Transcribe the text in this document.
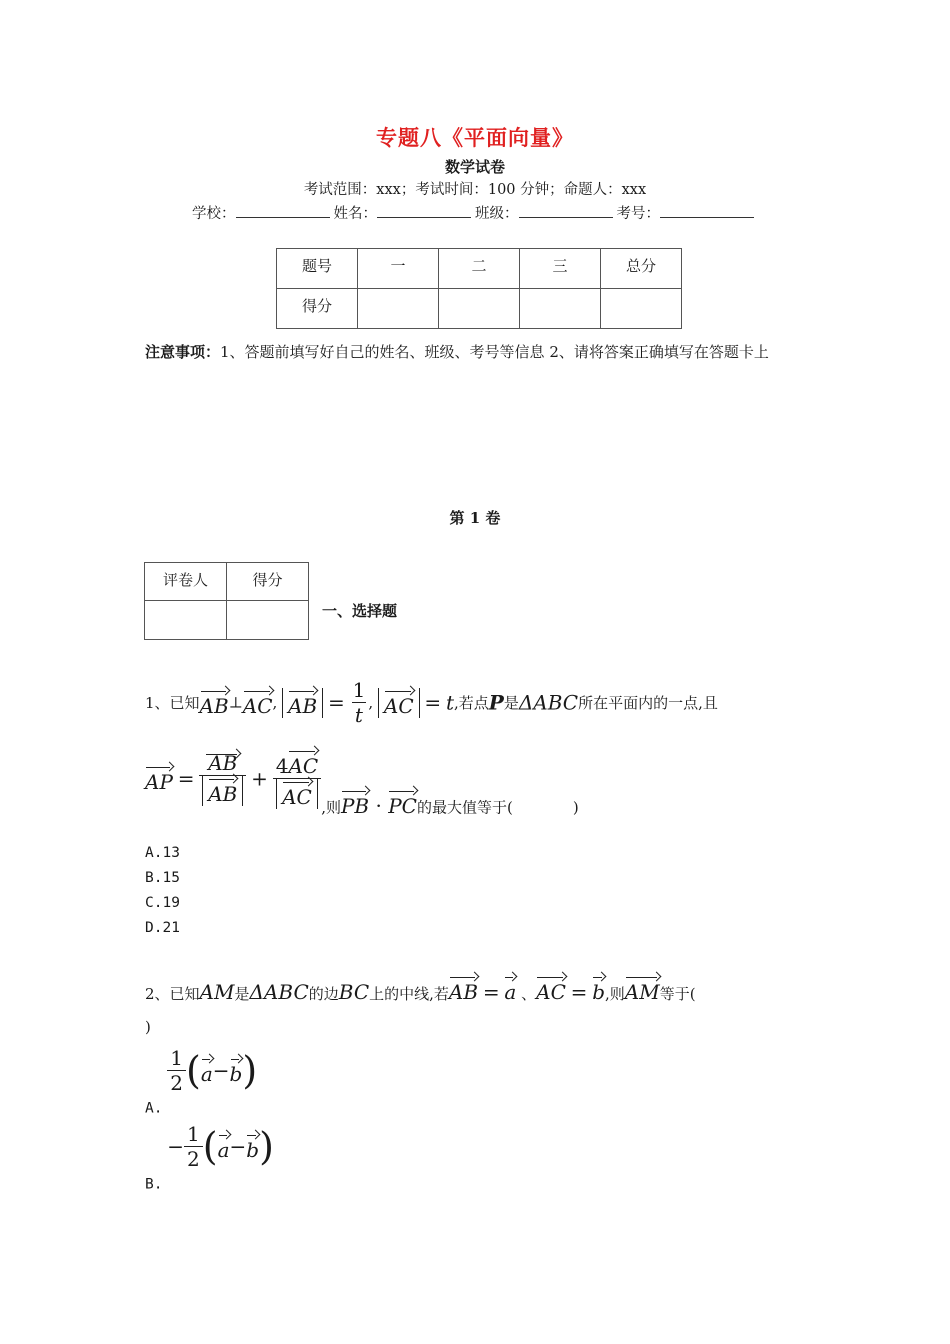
专题八《平面向量》
数学试卷
考试范围：xxx；考试时间：100 分钟；命题人：xxx
学校：	姓名：	班级：	考号：
题号	一	二	三	总分
得分				
注意事项：1、答题前填写好自己的姓名、班级、考号等信息 2、请将答案正确填写在答题卡上
第 1 卷
评卷人	得分

一、选择题
1、已知AB⊥AC, AB = $\frac{1}{t}$ , AC = t,若点P是ΔABC所在平面内的一点,且
AP = $\frac{AB}{AB} + \frac{4AC}{AC}$ ,则PB · PC的最大值等于(	)
A.13
B.15
C.19
D.21
2、已知AM是ΔABC的边BC上的中线,若AB = a 、AC = b,则AM等于(
)
A.
$\frac{1}{2} (a-b)$
B. − $\frac{1}{2} (a-b)$
